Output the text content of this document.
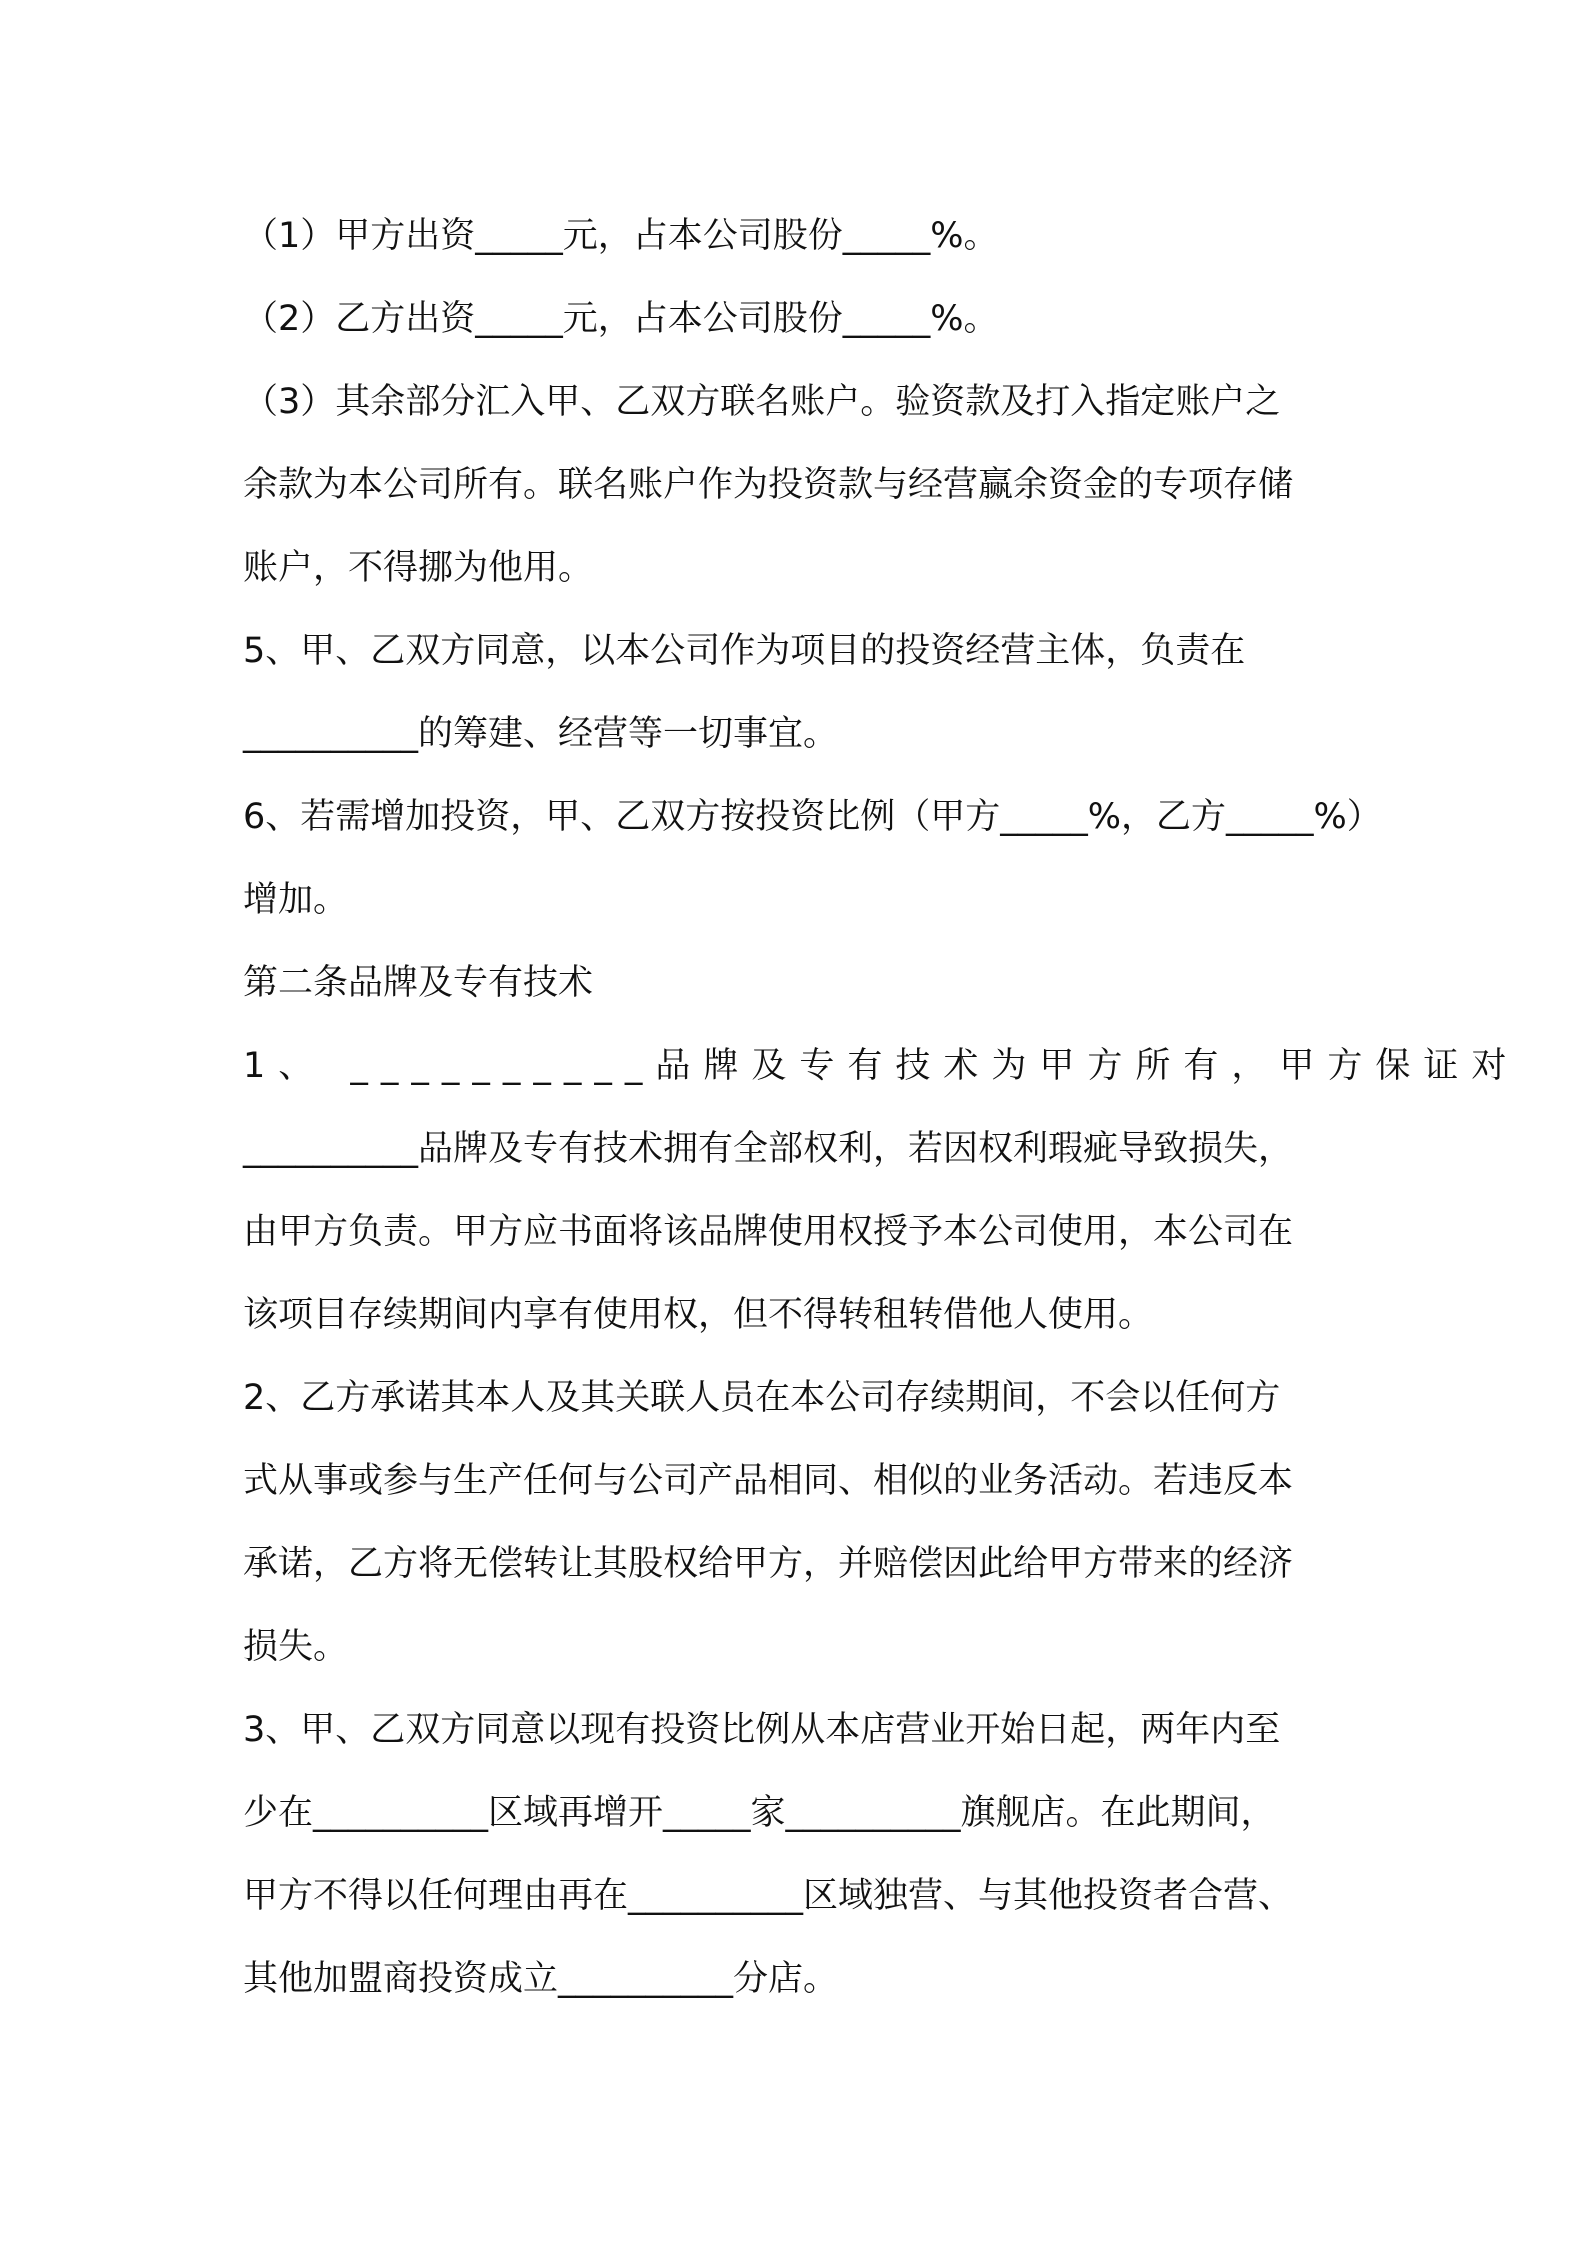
（1）甲方出资_____元，占本公司股份_____%。
（2）乙方出资_____元，占本公司股份_____%。
（3）其余部分汇入甲、乙双方联名账户。验资款及打入指定账户之
余款为本公司所有。联名账户作为投资款与经营赢余资金的专项存储
账户，不得挪为他用。
5、甲、乙双方同意，以本公司作为项目的投资经营主体，负责在
__________的筹建、经营等一切事宜。
6、若需增加投资，甲、乙双方按投资比例（甲方_____%，乙方_____%）
增加。
第二条品牌及专有技术
1、 __________品牌及专有技术为甲方所有，甲方保证对
__________品牌及专有技术拥有全部权利，若因权利瑕疵导致损失，
由甲方负责。甲方应书面将该品牌使用权授予本公司使用，本公司在
该项目存续期间内享有使用权，但不得转租转借他人使用。
2、乙方承诺其本人及其关联人员在本公司存续期间，不会以任何方
式从事或参与生产任何与公司产品相同、相似的业务活动。若违反本
承诺，乙方将无偿转让其股权给甲方，并赔偿因此给甲方带来的经济
损失。
3、甲、乙双方同意以现有投资比例从本店营业开始日起，两年内至
少在__________区域再增开_____家__________旗舰店。在此期间，
甲方不得以任何理由再在__________区域独营、与其他投资者合营、
其他加盟商投资成立__________分店。
